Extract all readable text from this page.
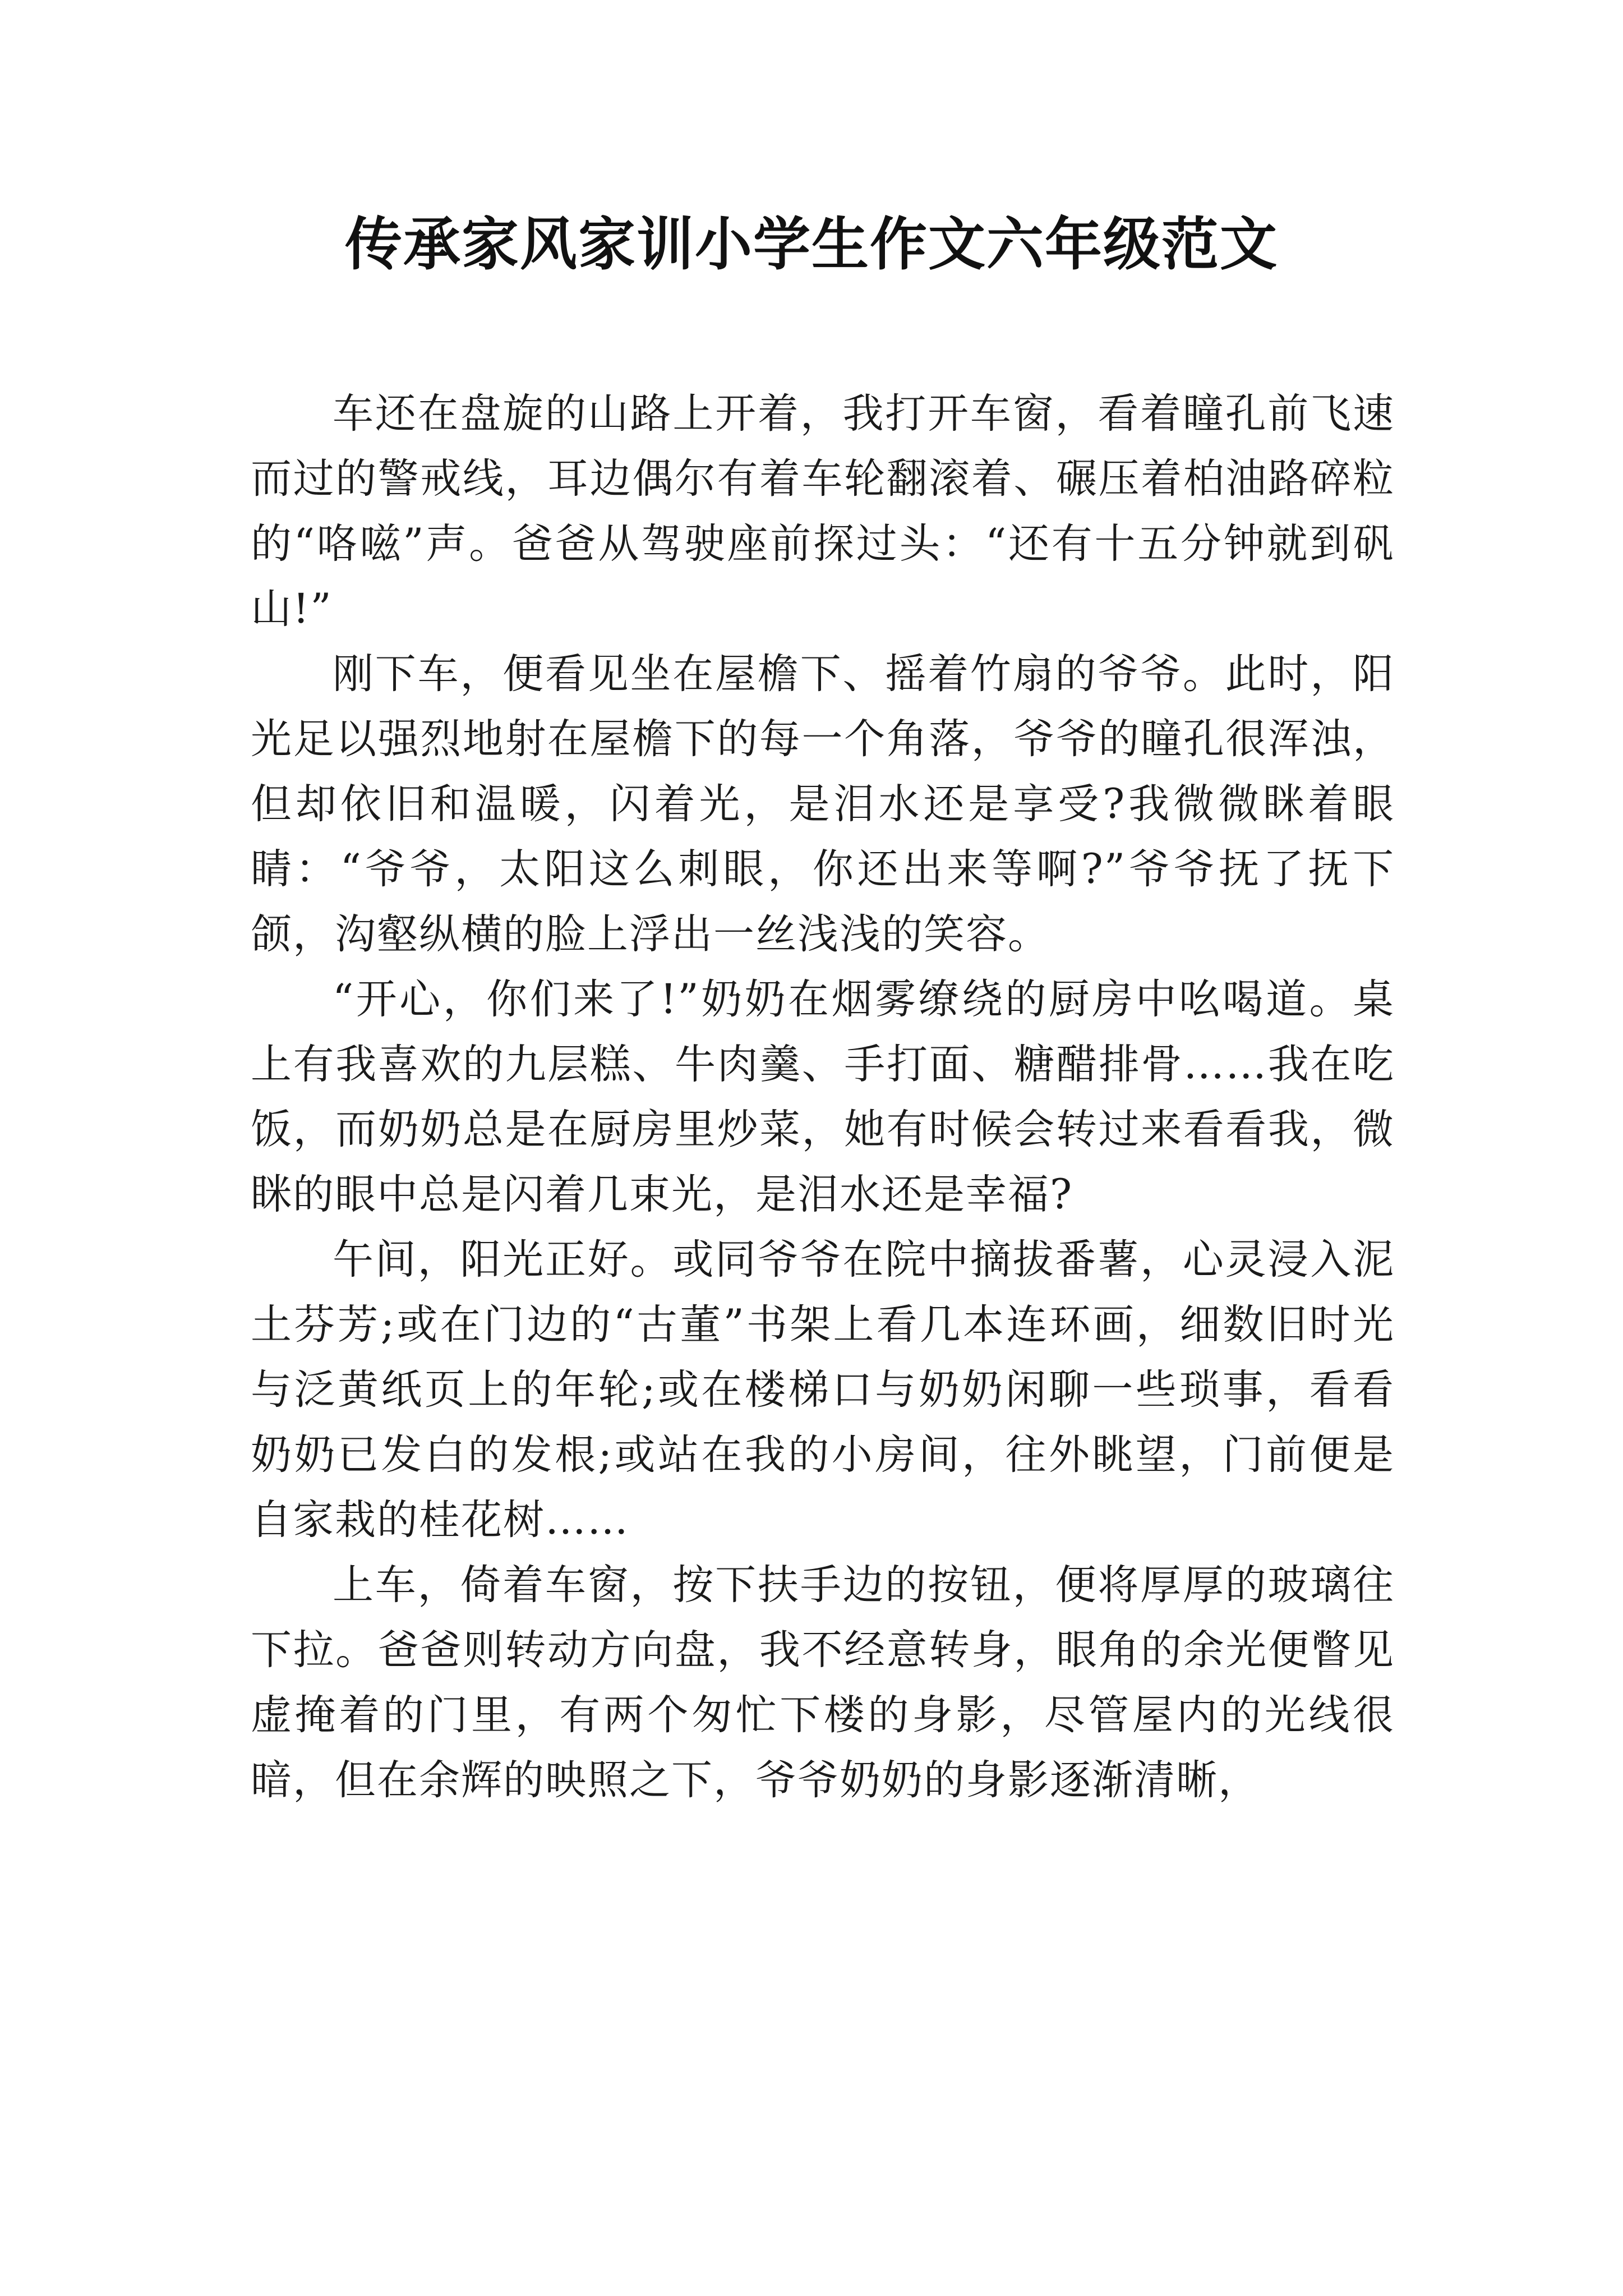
传承家风家训小学生作文六年级范文

车还在盘旋的山路上开着，我打开车窗，看着瞳孔前飞速而过的警戒线，耳边偶尔有着车轮翻滚着、碾压着柏油路碎粒的“咯嗞”声。爸爸从驾驶座前探过头：“还有十五分钟就到矾山!”

刚下车，便看见坐在屋檐下、摇着竹扇的爷爷。此时，阳光足以强烈地射在屋檐下的每一个角落，爷爷的瞳孔很浑浊，但却依旧和温暖，闪着光，是泪水还是享受?我微微眯着眼睛：“爷爷，太阳这么刺眼，你还出来等啊?”爷爷抚了抚下颌，沟壑纵横的脸上浮出一丝浅浅的笑容。

“开心，你们来了!”奶奶在烟雾缭绕的厨房中吆喝道。桌上有我喜欢的九层糕、牛肉羹、手打面、糖醋排骨……我在吃饭，而奶奶总是在厨房里炒菜，她有时候会转过来看看我，微眯的眼中总是闪着几束光，是泪水还是幸福?

午间，阳光正好。或同爷爷在院中摘拔番薯，心灵浸入泥土芬芳;或在门边的“古董”书架上看几本连环画，细数旧时光与泛黄纸页上的年轮;或在楼梯口与奶奶闲聊一些琐事，看看奶奶已发白的发根;或站在我的小房间，往外眺望，门前便是自家栽的桂花树……

上车，倚着车窗，按下扶手边的按钮，便将厚厚的玻璃往下拉。爸爸则转动方向盘，我不经意转身，眼角的余光便瞥见虚掩着的门里，有两个匆忙下楼的身影，尽管屋内的光线很暗，但在余辉的映照之下，爷爷奶奶的身影逐渐清晰，
